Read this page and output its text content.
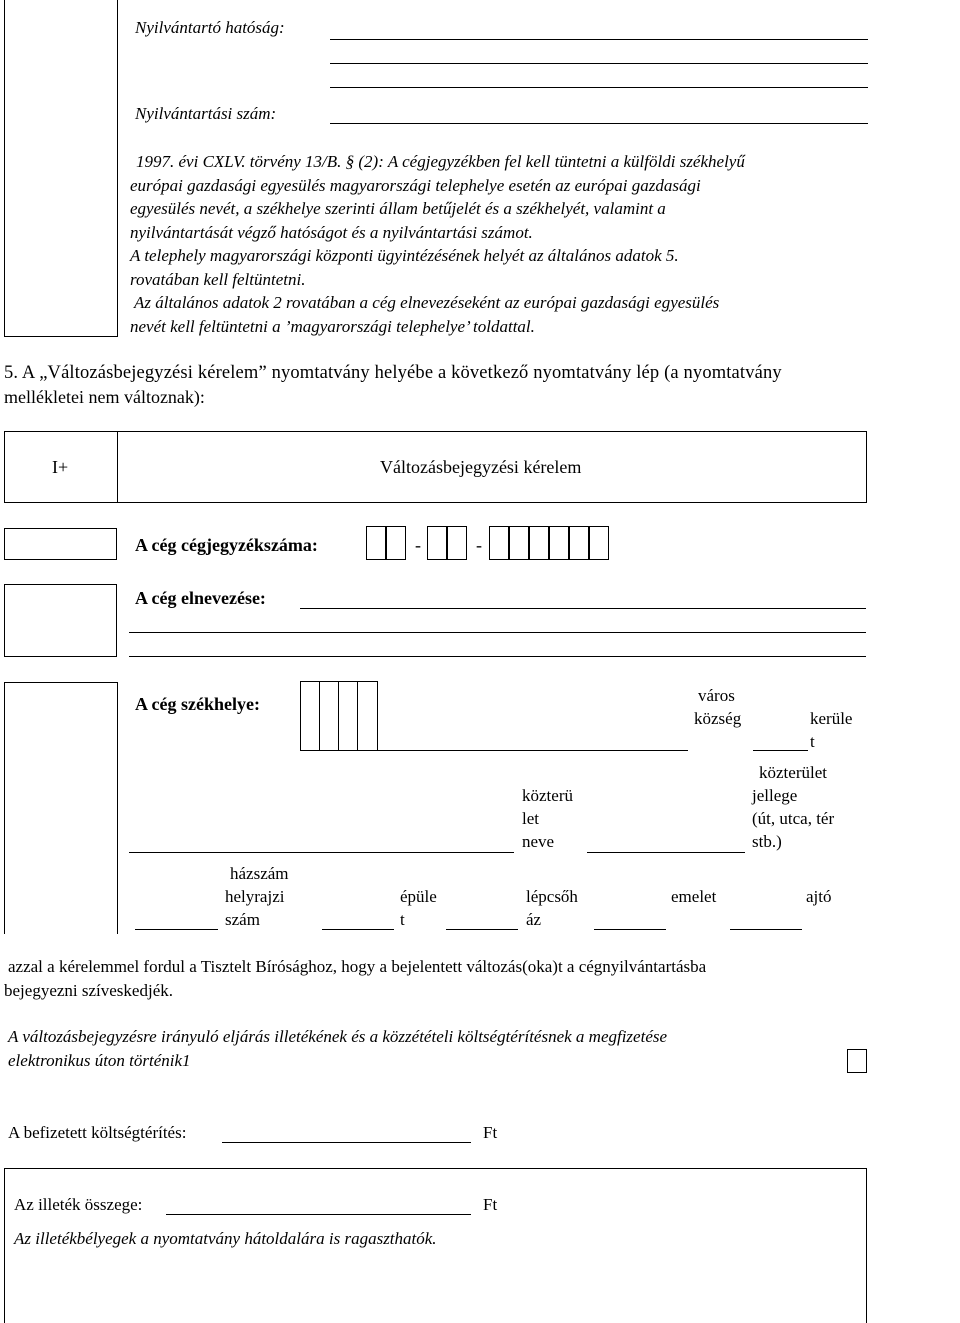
Nyilvántartó hatóság:
Nyilvántartási szám:
1997. évi CXLV. törvény 13/B. § (2): A cégjegyzékben fel kell tüntetni a külföldi székhelyű
európai gazdasági egyesülés magyarországi telephelye esetén az európai gazdasági
egyesülés nevét, a székhelye szerinti állam betűjelét és a székhelyét, valamint a
nyilvántartását végző hatóságot és a nyilvántartási számot.
A telephely magyarországi központi ügyintézésének helyét az általános adatok 5.
rovatában kell feltüntetni.
Az általános adatok 2 rovatában a cég elnevezéseként az európai gazdasági egyesülés
nevét kell feltüntetni a ’magyarországi telephelye’ toldattal.
5. A „Változásbejegyzési kérelem” nyomtatvány helyébe a következő nyomtatvány lép (a nyomtatvány
mellékletei nem változnak):
I+	Változásbejegyzési kérelem
A cég cégjegyzékszáma:	-	-
A cég elnevezése:
A cég székhelye:	város
község	kerüle
t
közterület
jellege
(út, utca, tér
stb.)
közterü
let
neve
házszám
helyrajzi
szám
épüle
t
lépcsőh
áz
emelet	ajtó
azzal a kérelemmel fordul a Tisztelt Bírósághoz, hogy a bejelentett változás(oka)t a cégnyilvántartásba
bejegyezni szíveskedjék.
A változásbejegyzésre irányuló eljárás illetékének és a közzétételi költségtérítésnek a megfizetése
elektronikus úton történik1
A befizetett költségtérítés:	Ft
Az illeték összege:	Ft
Az illetékbélyegek a nyomtatvány hátoldalára is ragaszthatók.
